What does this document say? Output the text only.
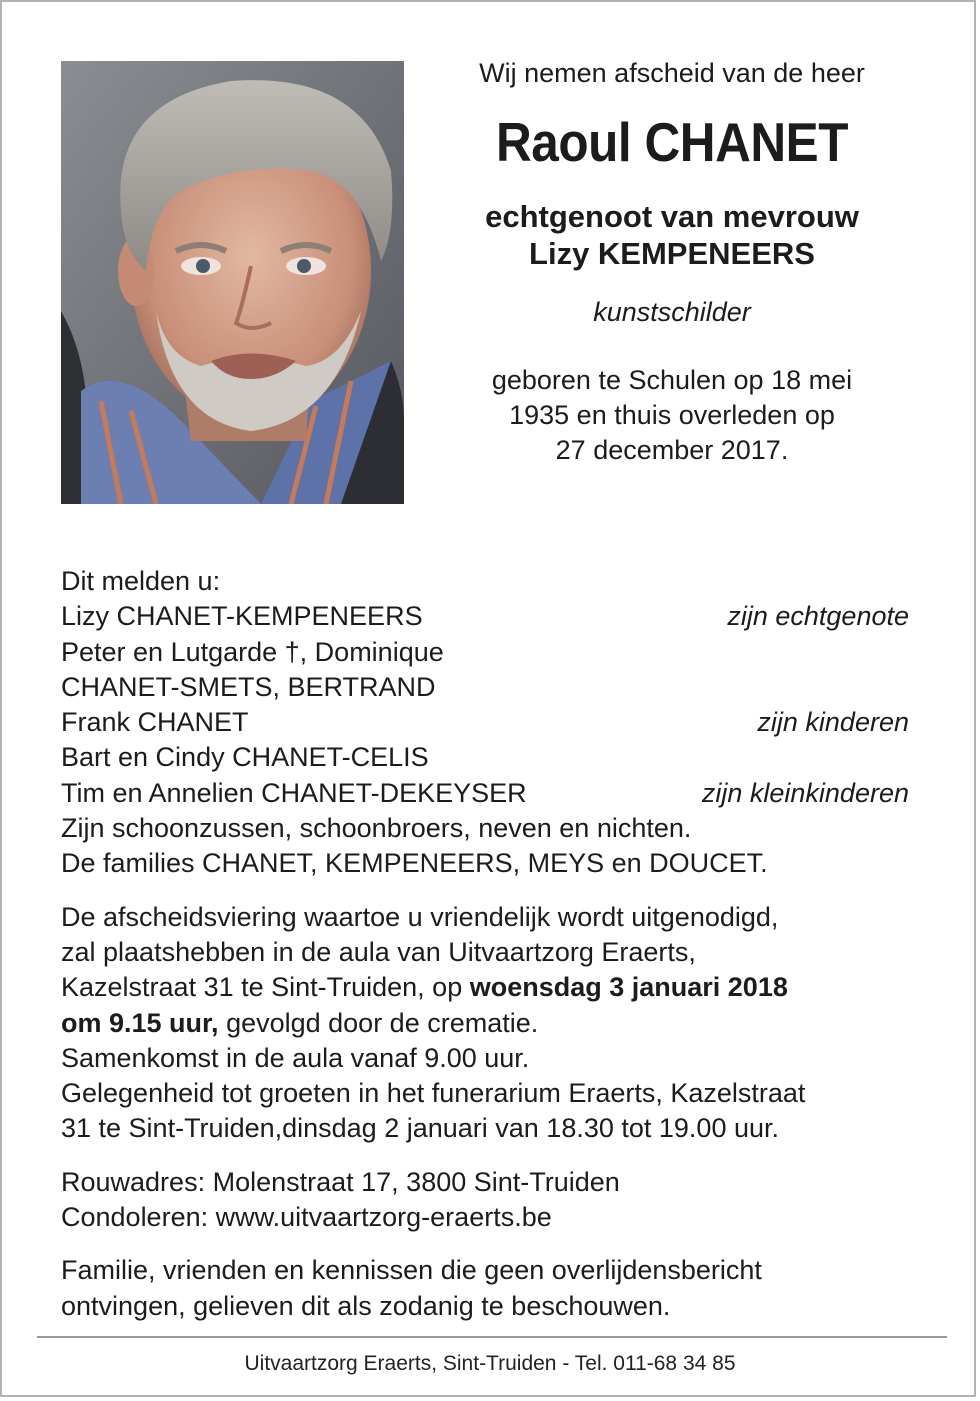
Wij nemen afscheid van de heer
Raoul CHANET
echtgenoot van mevrouw
Lizy KEMPENEERS
kunstschilder
geboren te Schulen op 18 mei
1935 en thuis overleden op
27 december 2017.
Dit melden u:
Lizy CHANET-KEMPENEERS	zijn echtgenote
Peter en Lutgarde †, Dominique
CHANET-SMETS, BERTRAND
Frank CHANET	zijn kinderen
Bart en Cindy CHANET-CELIS
Tim en Annelien CHANET-DEKEYSER	zijn kleinkinderen
Zijn schoonzussen, schoonbroers, neven en nichten.
De families CHANET, KEMPENEERS, MEYS en DOUCET.
De afscheidsviering waartoe u vriendelijk wordt uitgenodigd,
zal plaatshebben in de aula van Uitvaartzorg Eraerts,
Kazelstraat 31 te Sint-Truiden, op woensdag 3 januari 2018
om 9.15 uur, gevolgd door de crematie.
Samenkomst in de aula vanaf 9.00 uur.
Gelegenheid tot groeten in het funerarium Eraerts, Kazelstraat
31 te Sint-Truiden,dinsdag 2 januari van 18.30 tot 19.00 uur.
Rouwadres: Molenstraat 17, 3800 Sint-Truiden
Condoleren: www.uitvaartzorg-eraerts.be
Familie, vrienden en kennissen die geen overlijdensbericht
ontvingen, gelieven dit als zodanig te beschouwen.
Uitvaartzorg Eraerts, Sint-Truiden - Tel. 011-68 34 85
